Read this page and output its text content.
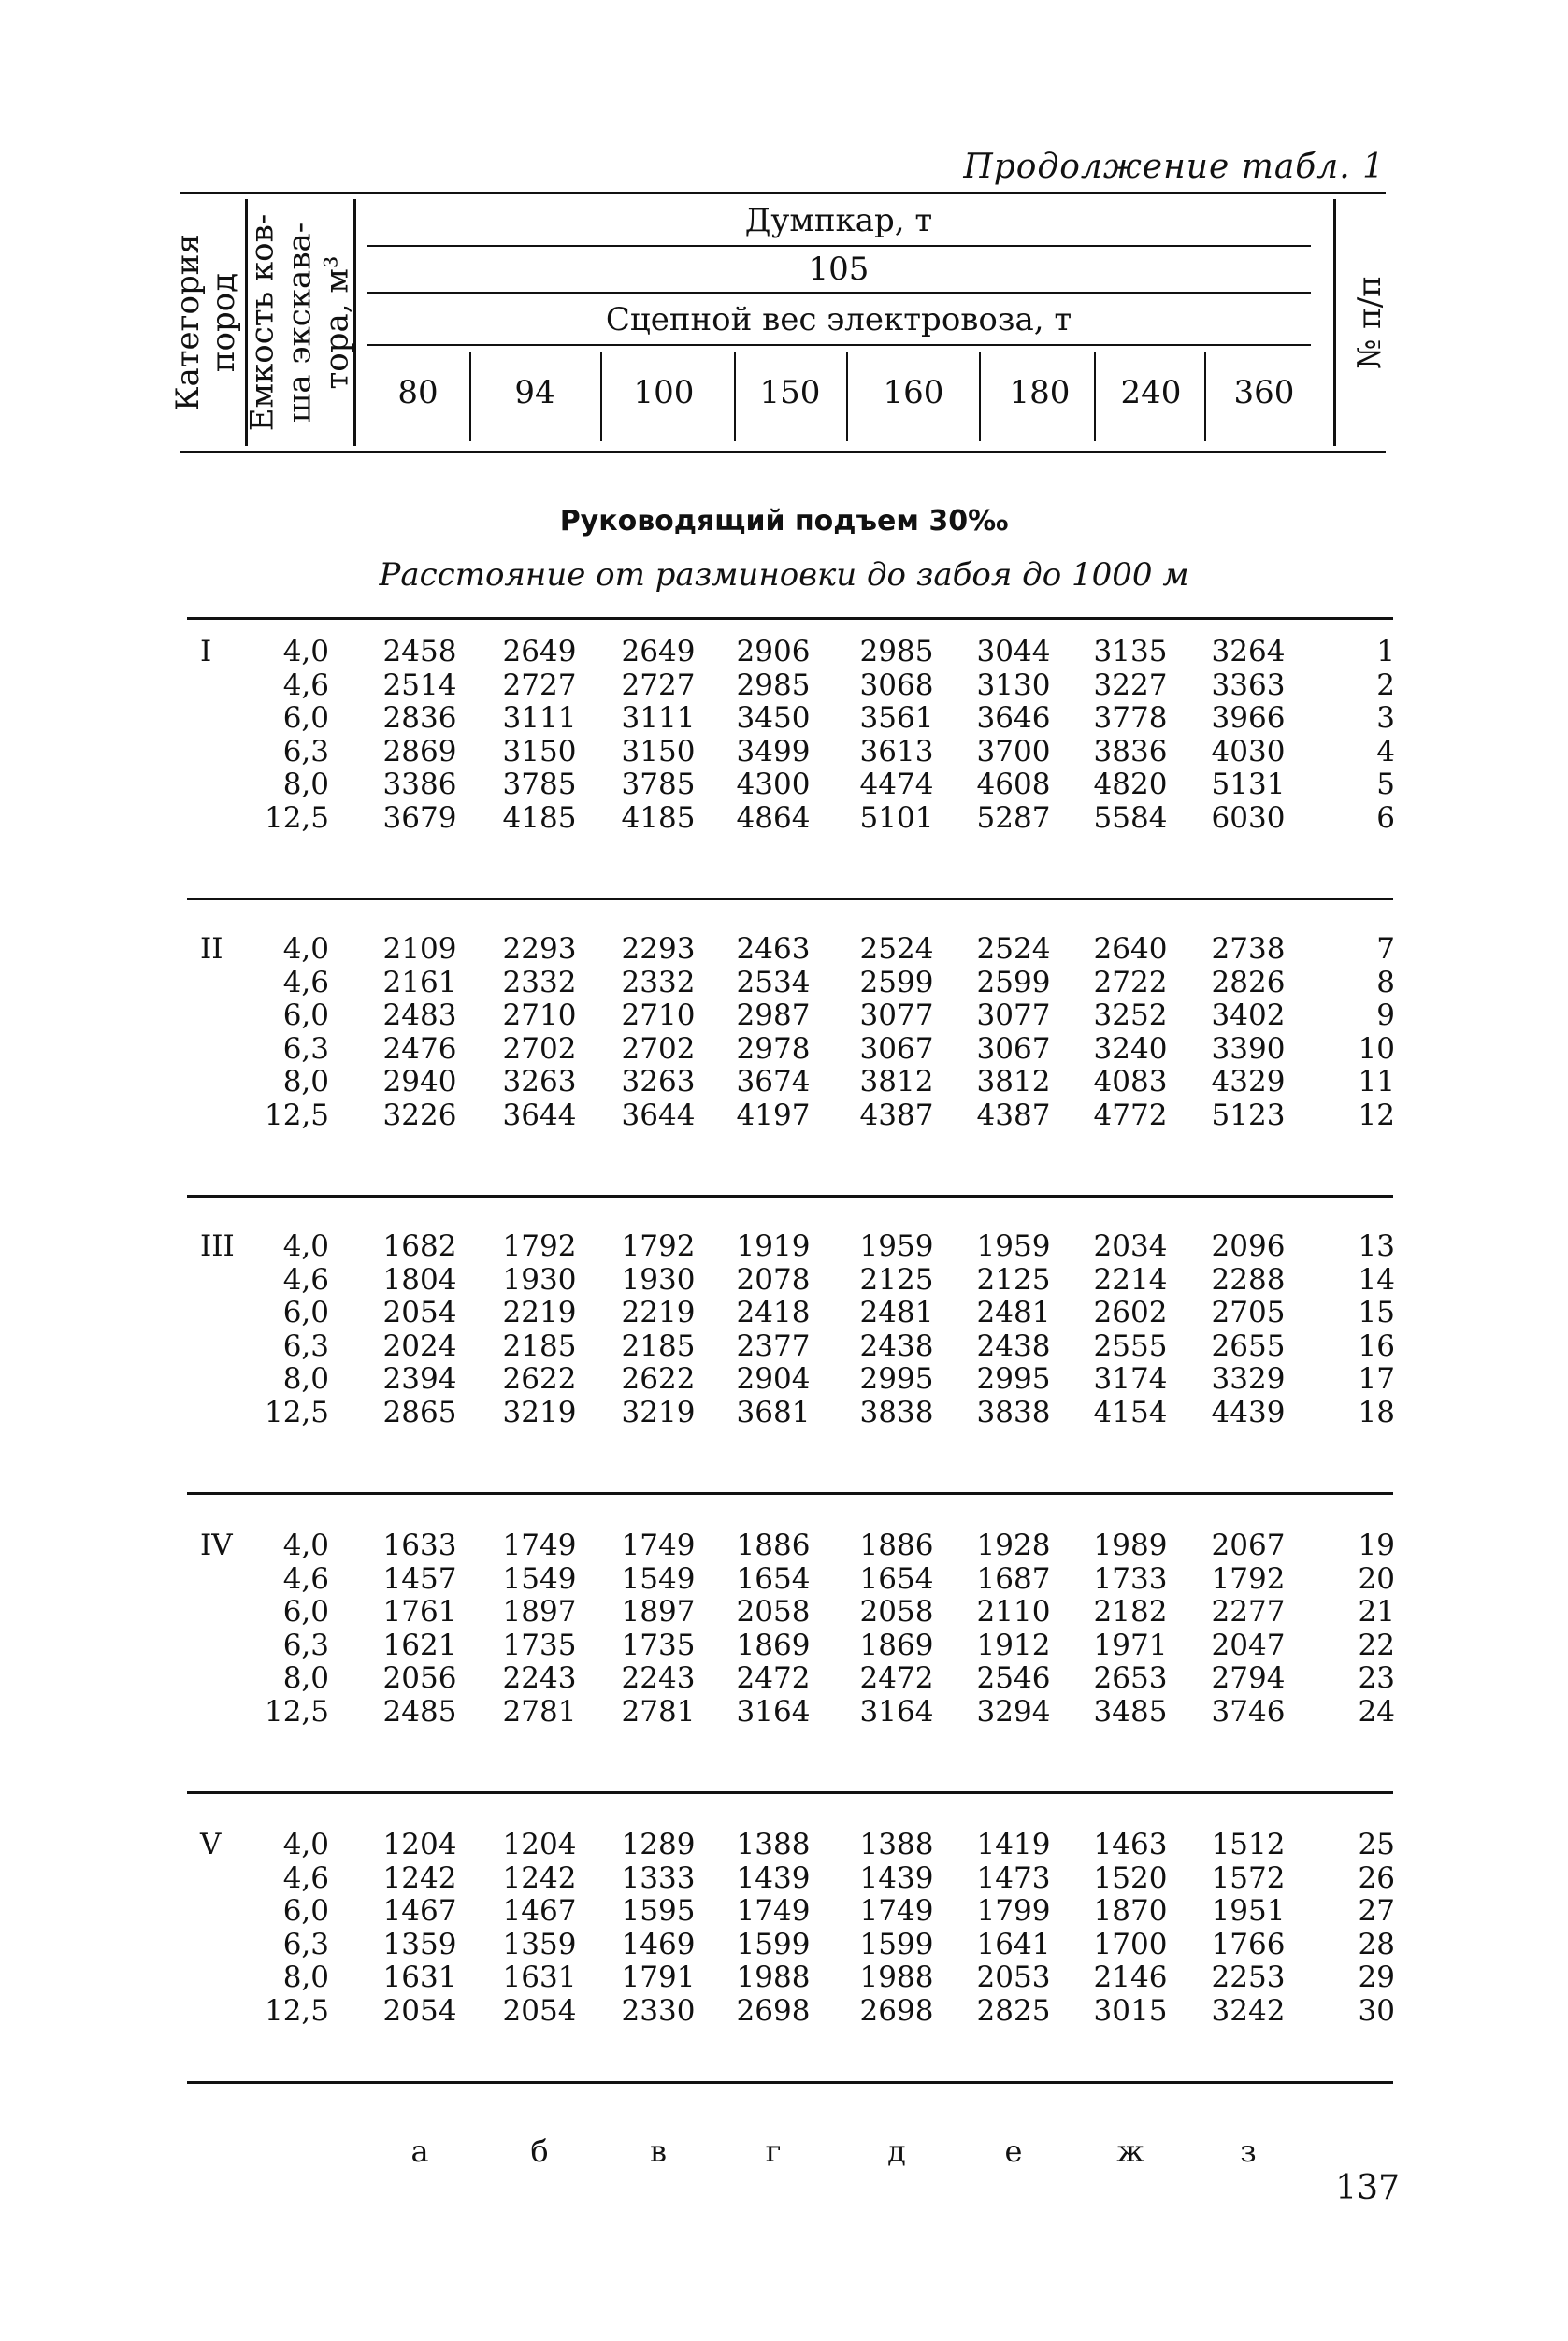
Продолжение табл. 1
Категория пород Емкость ков- ша экскава- тора, м³	№ п/п
Думпкар, т
105
Сцепной вес электровоза, т
80	94	100	150	160	180	240	360
Руководящий подъем 30‰
Расстояние от разминовки до забоя до 1000 м
I	4,0	2458	2649	2649	2906	2985	3044	3135	3264	1
4,6	2514	2727	2727	2985	3068	3130	3227	3363	2
6,0	2836	3111	3111	3450	3561	3646	3778	3966	3
6,3	2869	3150	3150	3499	3613	3700	3836	4030	4
8,0	3386	3785	3785	4300	4474	4608	4820	5131	5
12,5	3679	4185	4185	4864	5101	5287	5584	6030	6
II	4,0	2109	2293	2293	2463	2524	2524	2640	2738	7
4,6	2161	2332	2332	2534	2599	2599	2722	2826	8
6,0	2483	2710	2710	2987	3077	3077	3252	3402	9
6,3	2476	2702	2702	2978	3067	3067	3240	3390	10
8,0	2940	3263	3263	3674	3812	3812	4083	4329	11
12,5	3226	3644	3644	4197	4387	4387	4772	5123	12
III	4,0	1682	1792	1792	1919	1959	1959	2034	2096	13
4,6	1804	1930	1930	2078	2125	2125	2214	2288	14
6,0	2054	2219	2219	2418	2481	2481	2602	2705	15
6,3	2024	2185	2185	2377	2438	2438	2555	2655	16
8,0	2394	2622	2622	2904	2995	2995	3174	3329	17
12,5	2865	3219	3219	3681	3838	3838	4154	4439	18
IV	4,0	1633	1749	1749	1886	1886	1928	1989	2067	19
4,6	1457	1549	1549	1654	1654	1687	1733	1792	20
6,0	1761	1897	1897	2058	2058	2110	2182	2277	21
6,3	1621	1735	1735	1869	1869	1912	1971	2047	22
8,0	2056	2243	2243	2472	2472	2546	2653	2794	23
12,5	2485	2781	2781	3164	3164	3294	3485	3746	24
V	4,0	1204	1204	1289	1388	1388	1419	1463	1512	25
4,6	1242	1242	1333	1439	1439	1473	1520	1572	26
6,0	1467	1467	1595	1749	1749	1799	1870	1951	27
6,3	1359	1359	1469	1599	1599	1641	1700	1766	28
8,0	1631	1631	1791	1988	1988	2053	2146	2253	29
12,5	2054	2054	2330	2698	2698	2825	3015	3242	30
а	б	в	г	д	е	ж	з
137
